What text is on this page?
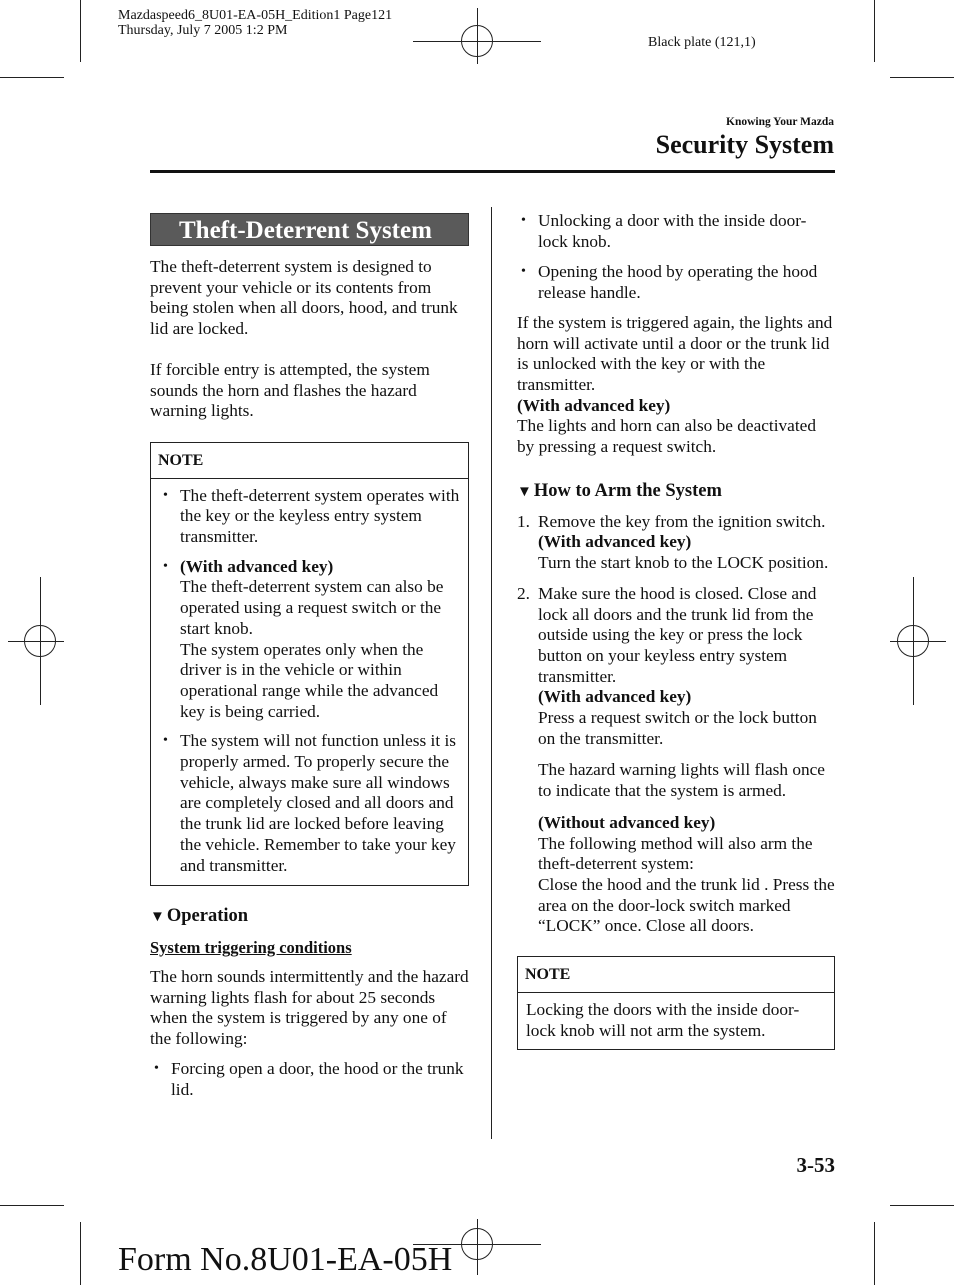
Mazdaspeed6_8U01-EA-05H_Edition1 Page121
Thursday, July 7 2005 1:2 PM
Black plate (121,1)
Knowing Your Mazda
Security System
Theft-Deterrent System

The theft-deterrent system is designed to prevent your vehicle or its contents from being stolen when all doors, hood, and trunk lid are locked.

If forcible entry is attempted, the system sounds the horn and flashes the hazard warning lights.

NOTE
• The theft-deterrent system operates with the key or the keyless entry system transmitter.
• (With advanced key)
The theft-deterrent system can also be operated using a request switch or the start knob.
The system operates only when the driver is in the vehicle or within operational range while the advanced key is being carried.
• The system will not function unless it is properly armed. To properly secure the vehicle, always make sure all windows are completely closed and all doors and the trunk lid are locked before leaving the vehicle. Remember to take your key and transmitter.
▼ Operation
System triggering conditions

The horn sounds intermittently and the hazard warning lights flash for about 25 seconds when the system is triggered by any one of the following:

• Forcing open a door, the hood or the trunk lid.
• Unlocking a door with the inside door-lock knob.
• Opening the hood by operating the hood release handle.

If the system is triggered again, the lights and horn will activate until a door or the trunk lid is unlocked with the key or with the transmitter.

(With advanced key)

The lights and horn can also be deactivated by pressing a request switch.

▼ How to Arm the System
1. Remove the key from the ignition switch.
(With advanced key)
Turn the start knob to the LOCK position.
2. Make sure the hood is closed. Close and lock all doors and the trunk lid from the outside using the key or press the lock button on your keyless entry system transmitter.
(With advanced key)
Press a request switch or the lock button on the transmitter.
The hazard warning lights will flash once to indicate that the system is armed.
(Without advanced key)
The following method will also arm the theft-deterrent system:
Close the hood and the trunk lid . Press the area on the door-lock switch marked “LOCK” once. Close all doors.
NOTE
Locking the doors with the inside door-lock knob will not arm the system.
3-53
Form No.8U01-EA-05H
